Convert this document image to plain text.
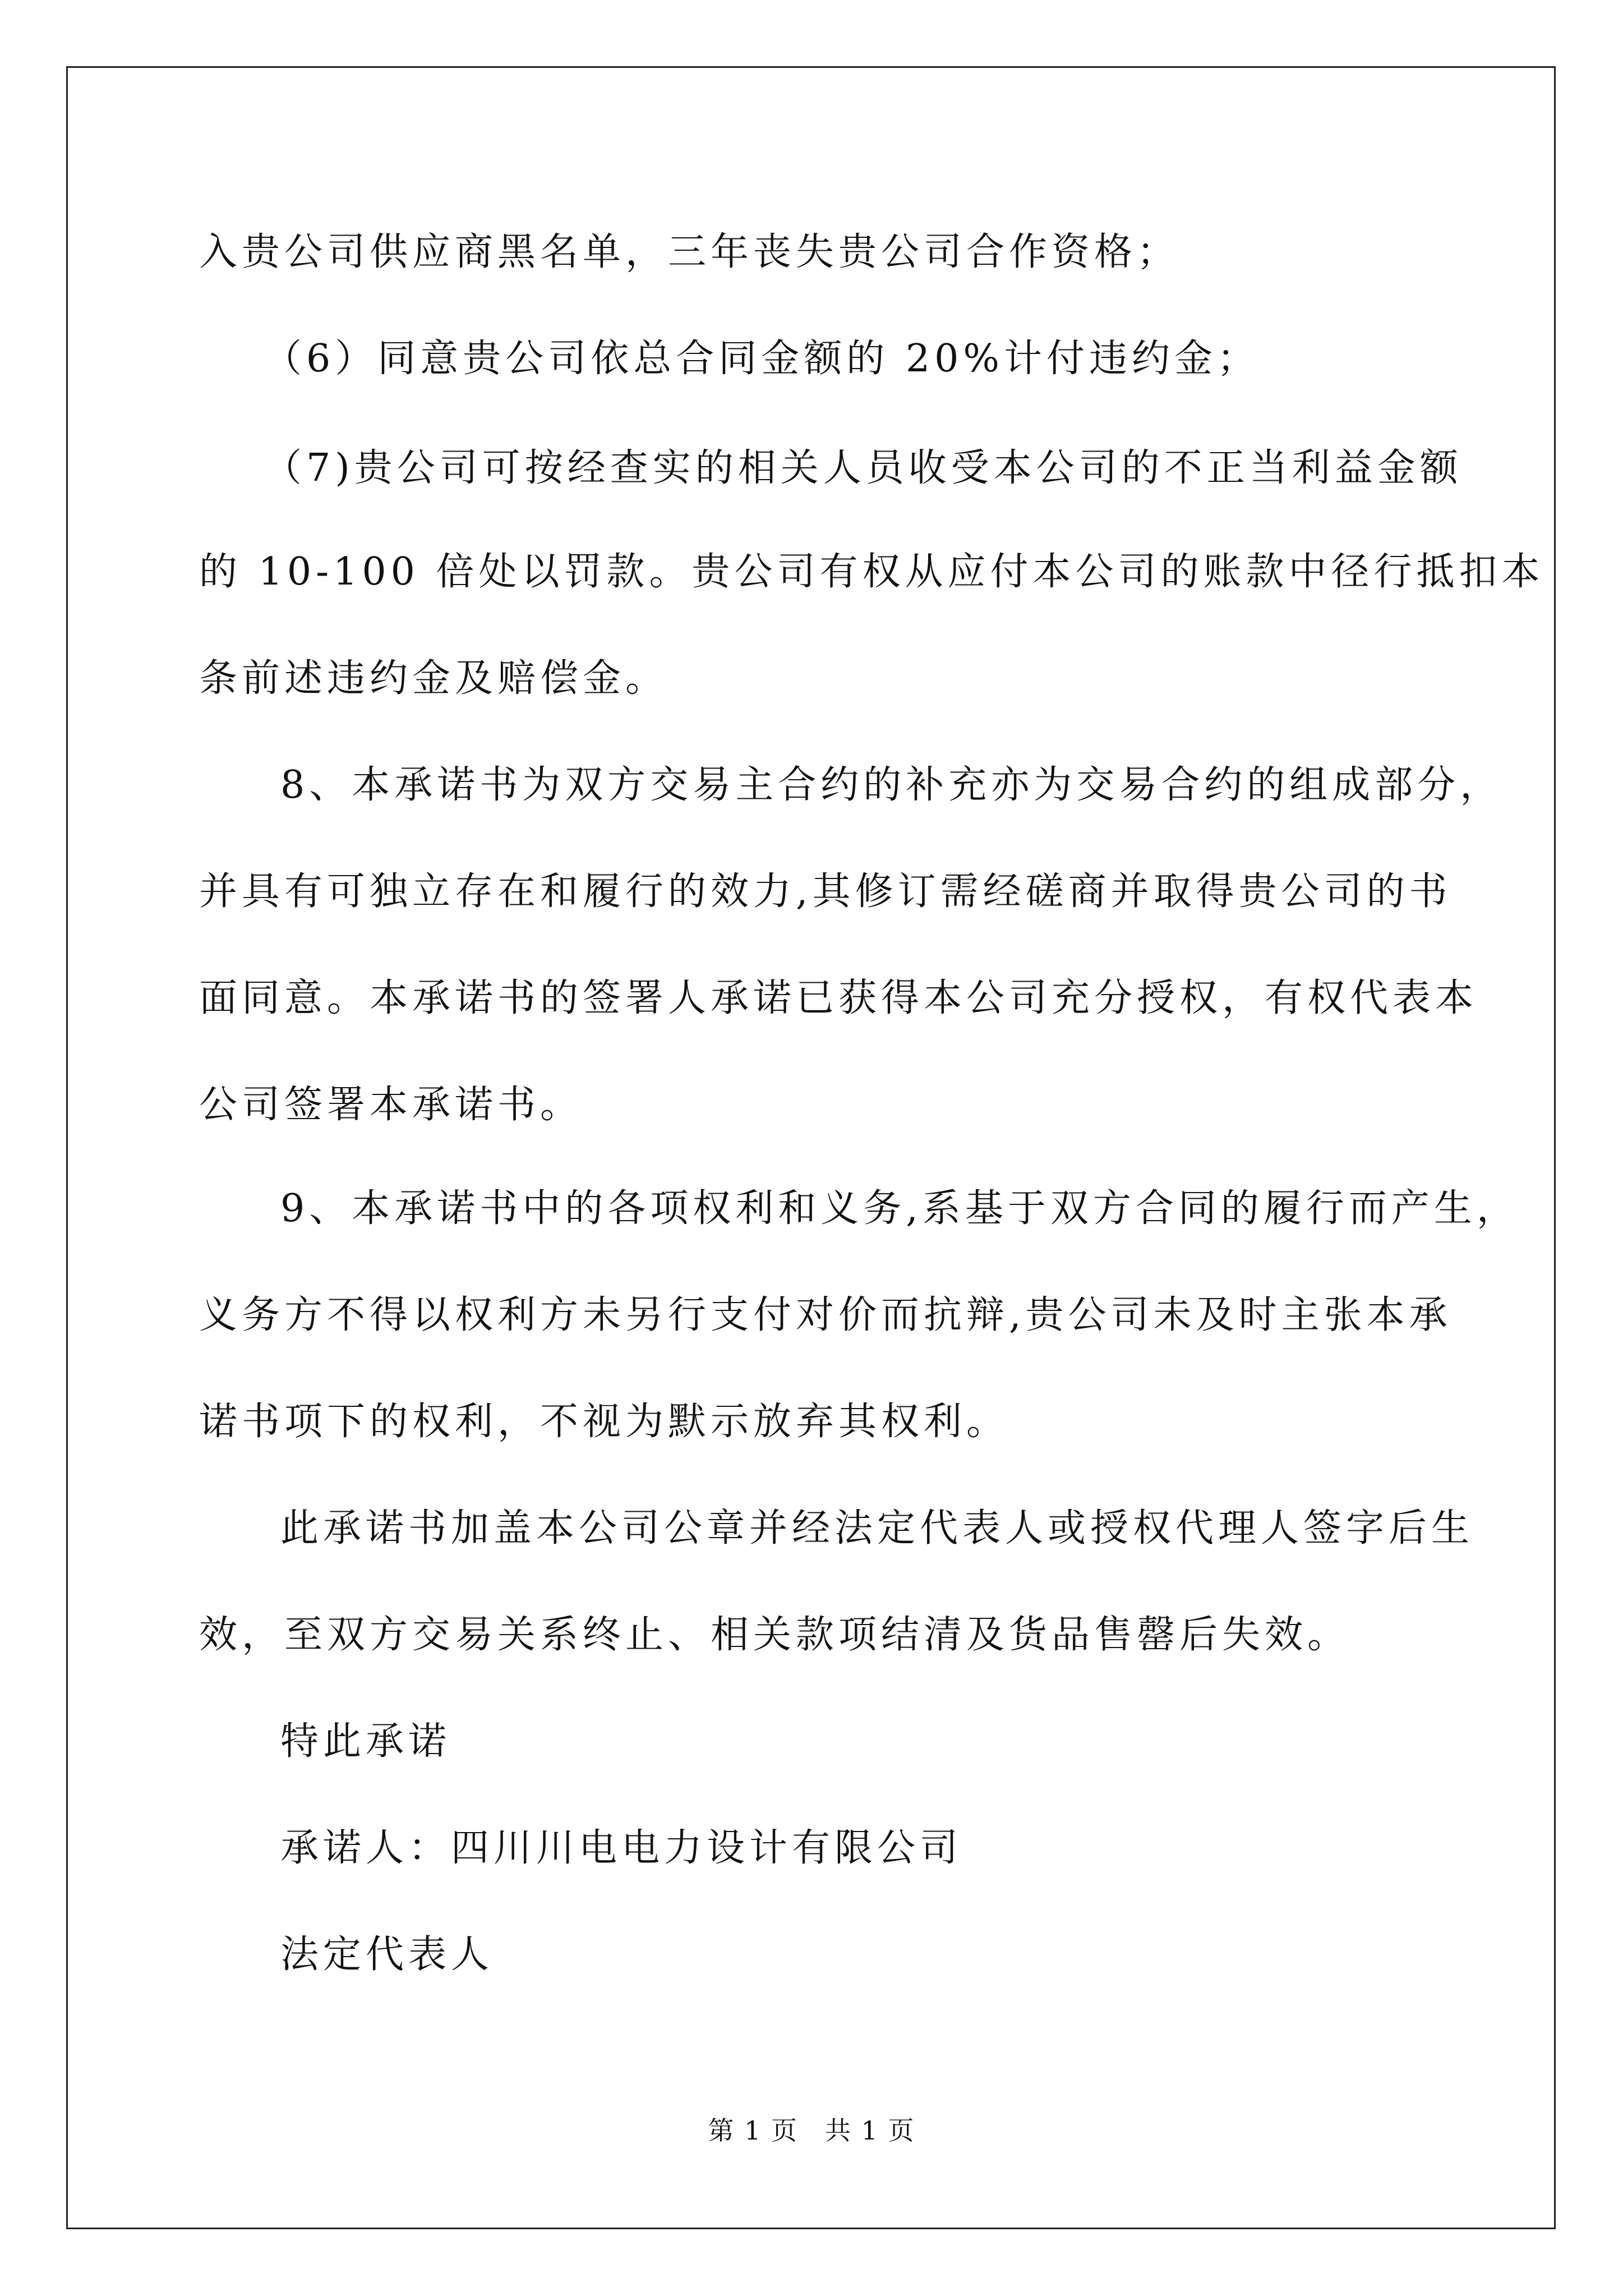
入贵公司供应商黑名单，三年丧失贵公司合作资格；
（6）同意贵公司依总合同金额的 20%计付违约金；
（7)贵公司可按经查实的相关人员收受本公司的不正当利益金额
的 10-100 倍处以罚款。贵公司有权从应付本公司的账款中径行抵扣本
条前述违约金及赔偿金。
8、本承诺书为双方交易主合约的补充亦为交易合约的组成部分，
并具有可独立存在和履行的效力,其修订需经磋商并取得贵公司的书
面同意。本承诺书的签署人承诺已获得本公司充分授权，有权代表本
公司签署本承诺书。
9、本承诺书中的各项权利和义务,系基于双方合同的履行而产生，
义务方不得以权利方未另行支付对价而抗辩,贵公司未及时主张本承
诺书项下的权利，不视为默示放弃其权利。
此承诺书加盖本公司公章并经法定代表人或授权代理人签字后生
效，至双方交易关系终止、相关款项结清及货品售罄后失效。
特此承诺
承诺人：四川川电电力设计有限公司
法定代表人
第 1 页　共 1 页
